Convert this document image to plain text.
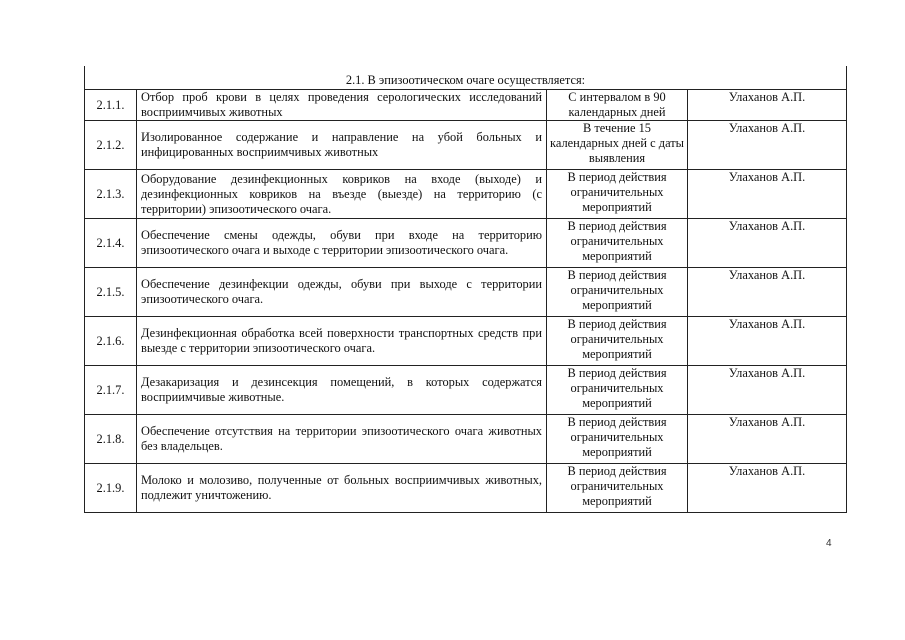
2.1. В эпизоотическом очаге осуществляется:			
2.1.1.	Отбор проб крови в целях проведения серологических исследований восприимчивых животных	С интервалом в 90 календарных дней	Улаханов А.П.
2.1.2.	Изолированное содержание и направление на убой больных и инфицированных восприимчивых животных	В течение 15 календарных дней с даты выявления	Улаханов А.П.
2.1.3.	Оборудование дезинфекционных ковриков на входе (выходе) и дезинфекционных ковриков на въезде (выезде) на территорию (с территории) эпизоотического очага.	В период действия ограничительных мероприятий	Улаханов А.П.
2.1.4.	Обеспечение смены одежды, обуви при входе на территорию эпизоотического очага и выходе с территории эпизоотического очага.	В период действия ограничительных мероприятий	Улаханов А.П.
2.1.5.	Обеспечение дезинфекции одежды, обуви при выходе с территории эпизоотического очага.	В период действия ограничительных мероприятий	Улаханов А.П.
2.1.6.	Дезинфекционная обработка всей поверхности транспортных средств при выезде с территории эпизоотического очага.	В период действия ограничительных мероприятий	Улаханов А.П.
2.1.7.	Дезакаризация и дезинсекция помещений, в которых содержатся восприимчивые животные.	В период действия ограничительных мероприятий	Улаханов А.П.
2.1.8.	Обеспечение отсутствия на территории эпизоотического очага животных без владельцев.	В период действия ограничительных мероприятий	Улаханов А.П.
2.1.9.	Молоко и молозиво, полученные от больных восприимчивых животных, подлежит уничтожению.	В период действия ограничительных мероприятий	Улаханов А.П.
4
